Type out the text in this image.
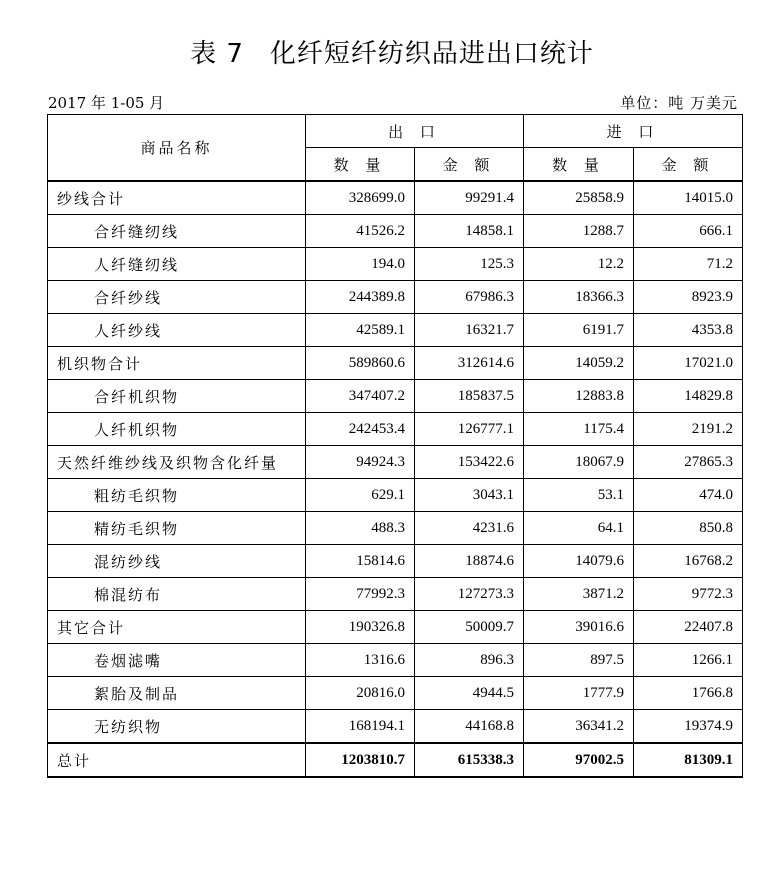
表 7 化纤短纤纺织品进出口统计
2017 年 1-05 月	单位：吨 万美元
商品名称	出 口		进 口	
	数 量	金 额	数 量	金 额
纱线合计	328699.0	99291.4	25858.9	14015.0
合纤缝纫线	41526.2	14858.1	1288.7	666.1
人纤缝纫线	194.0	125.3	12.2	71.2
合纤纱线	244389.8	67986.3	18366.3	8923.9
人纤纱线	42589.1	16321.7	6191.7	4353.8
机织物合计	589860.6	312614.6	14059.2	17021.0
合纤机织物	347407.2	185837.5	12883.8	14829.8
人纤机织物	242453.4	126777.1	1175.4	2191.2
天然纤维纱线及织物含化纤量	94924.3	153422.6	18067.9	27865.3
粗纺毛织物	629.1	3043.1	53.1	474.0
精纺毛织物	488.3	4231.6	64.1	850.8
混纺纱线	15814.6	18874.6	14079.6	16768.2
棉混纺布	77992.3	127273.3	3871.2	9772.3
其它合计	190326.8	50009.7	39016.6	22407.8
卷烟滤嘴	1316.6	896.3	897.5	1266.1
絮胎及制品	20816.0	4944.5	1777.9	1766.8
无纺织物	168194.1	44168.8	36341.2	19374.9
总计	1203810.7	615338.3	97002.5	81309.1
